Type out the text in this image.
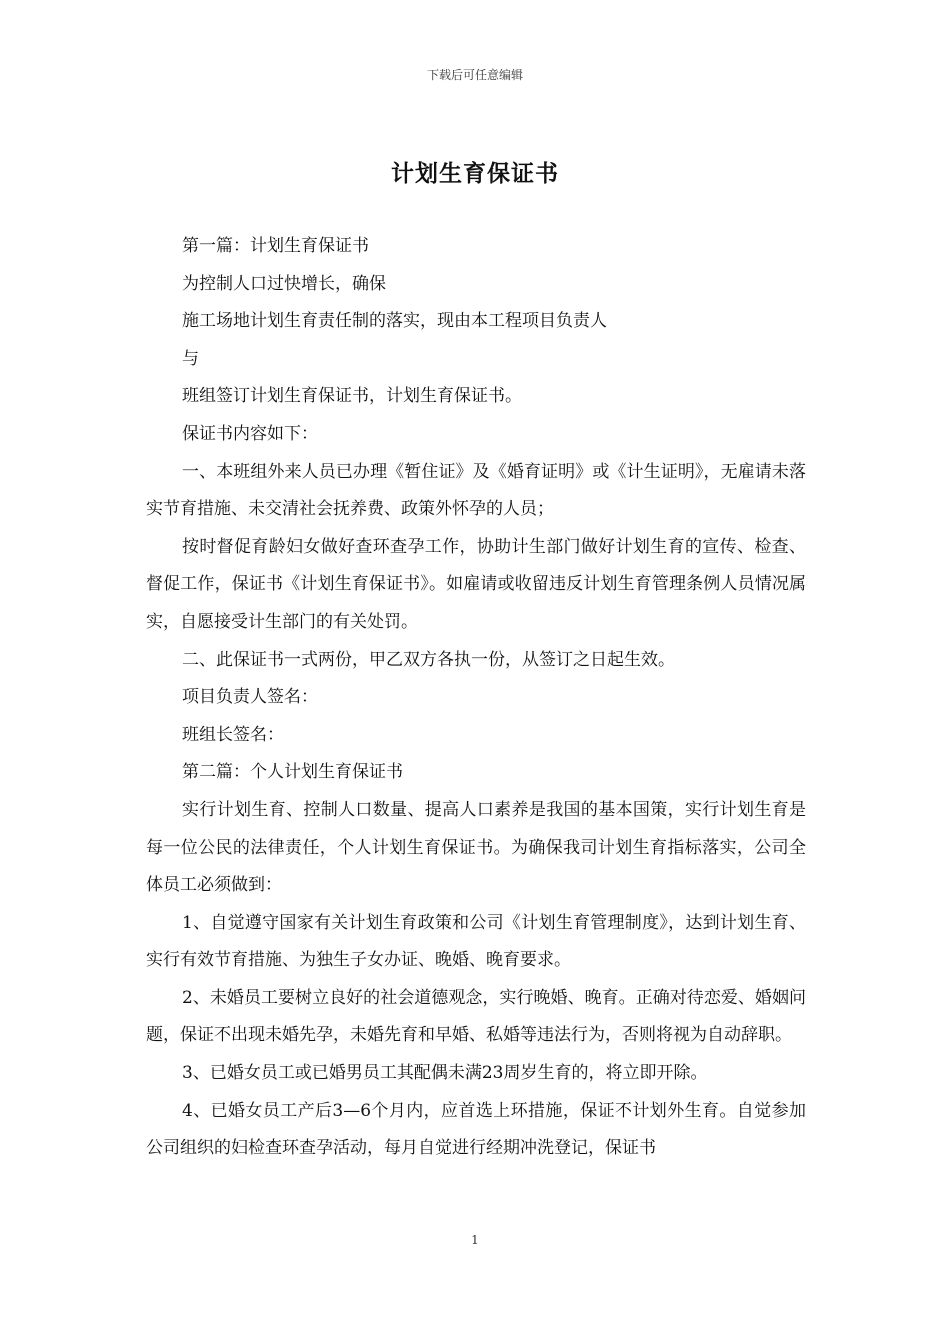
下载后可任意编辑
计划生育保证书

第一篇：计划生育保证书

为控制人口过快增长，确保

施工场地计划生育责任制的落实，现由本工程项目负责人

与

班组签订计划生育保证书，计划生育保证书。

保证书内容如下：

一、本班组外来人员已办理《暂住证》及《婚育证明》或《计生证明》，无雇请未落实节育措施、未交清社会抚养费、政策外怀孕的人员；

按时督促育龄妇女做好查环查孕工作，协助计生部门做好计划生育的宣传、检查、督促工作，保证书《计划生育保证书》。如雇请或收留违反计划生育管理条例人员情况属实，自愿接受计生部门的有关处罚。

二、此保证书一式两份，甲乙双方各执一份，从签订之日起生效。

项目负责人签名：

班组长签名：

第二篇：个人计划生育保证书

实行计划生育、控制人口数量、提高人口素养是我国的基本国策，实行计划生育是每一位公民的法律责任，个人计划生育保证书。为确保我司计划生育指标落实，公司全体员工必须做到：

1、自觉遵守国家有关计划生育政策和公司《计划生育管理制度》，达到计划生育、实行有效节育措施、为独生子女办证、晚婚、晚育要求。

2、未婚员工要树立良好的社会道德观念，实行晚婚、晚育。正确对待恋爱、婚姻问题，保证不出现未婚先孕，未婚先育和早婚、私婚等违法行为，否则将视为自动辞职。

3、已婚女员工或已婚男员工其配偶未满23周岁生育的，将立即开除。

4、已婚女员工产后3—6个月内，应首选上环措施，保证不计划外生育。自觉参加公司组织的妇检查环查孕活动，每月自觉进行经期冲洗登记，保证书

1
